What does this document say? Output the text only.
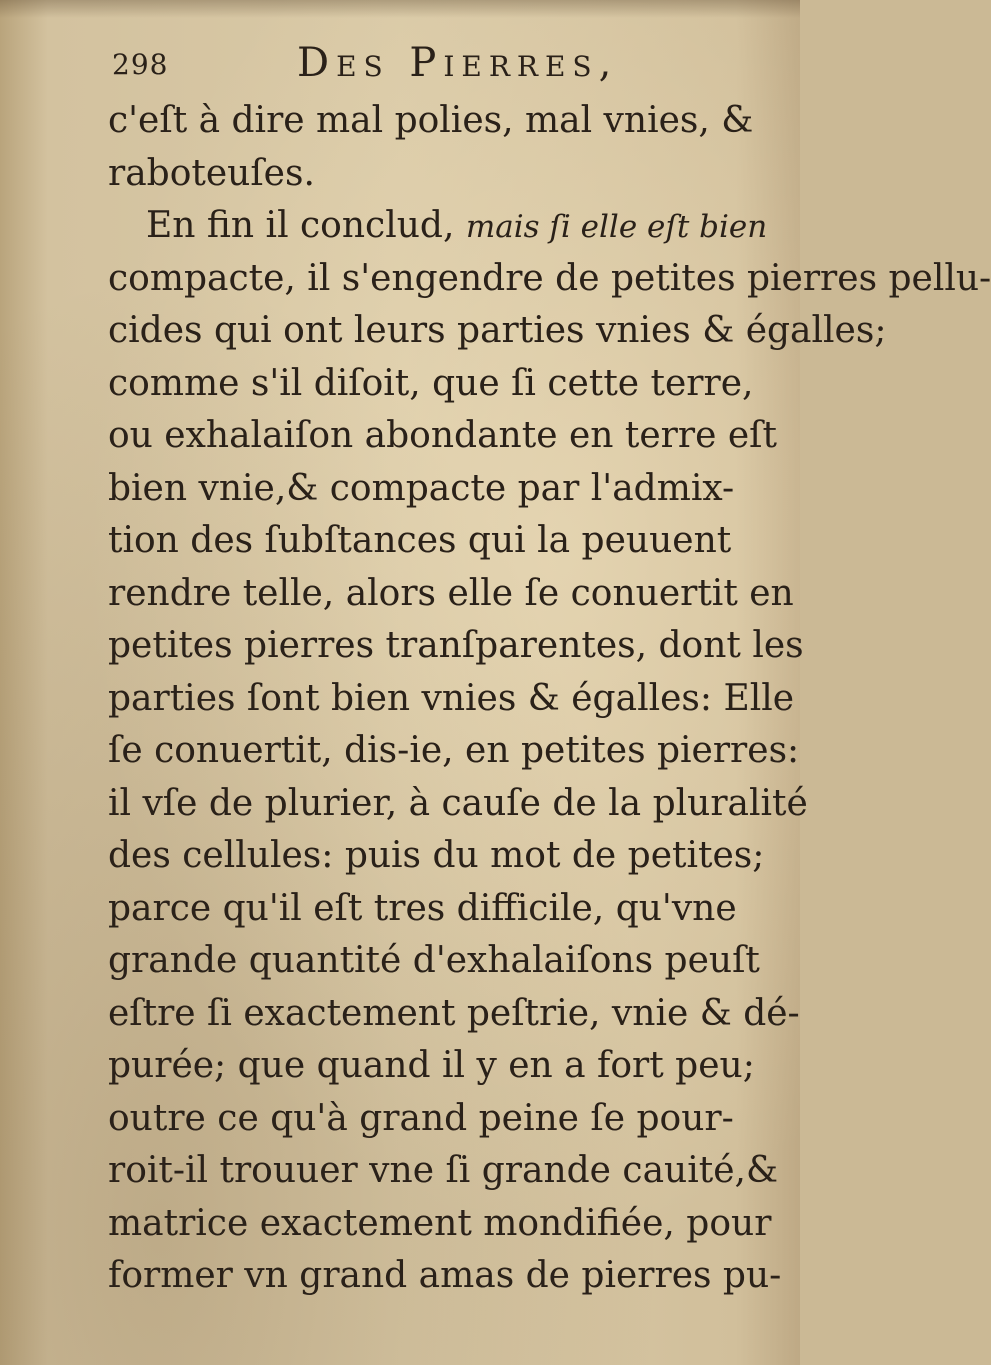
298	Des Pierres,
c'eſt à dire mal polies, mal vnies, &
raboteuſes.
En fin il conclud, mais ſi elle eſt bien
compacte, il s'engendre de petites pierres pellu-
cides qui ont leurs parties vnies & égalles;
comme s'il diſoit, que ſi cette terre,
ou exhalaiſon abondante en terre eſt
bien vnie,& compacte par l'admix-
tion des ſubſtances qui la peuuent
rendre telle, alors elle ſe conuertit en
petites pierres tranſparentes, dont les
parties ſont bien vnies & égalles: Elle
ſe conuertit, dis-ie, en petites pierres:
il vſe de plurier, à cauſe de la pluralité
des cellules: puis du mot de petites;
parce qu'il eſt tres difficile, qu'vne
grande quantité d'exhalaiſons peuſt
eſtre ſi exactement peſtrie, vnie & dé-
purée; que quand il y en a fort peu;
outre ce qu'à grand peine ſe pour-
roit-il trouuer vne ſi grande cauité,&
matrice exactement mondifiée, pour
former vn grand amas de pierres pu-
